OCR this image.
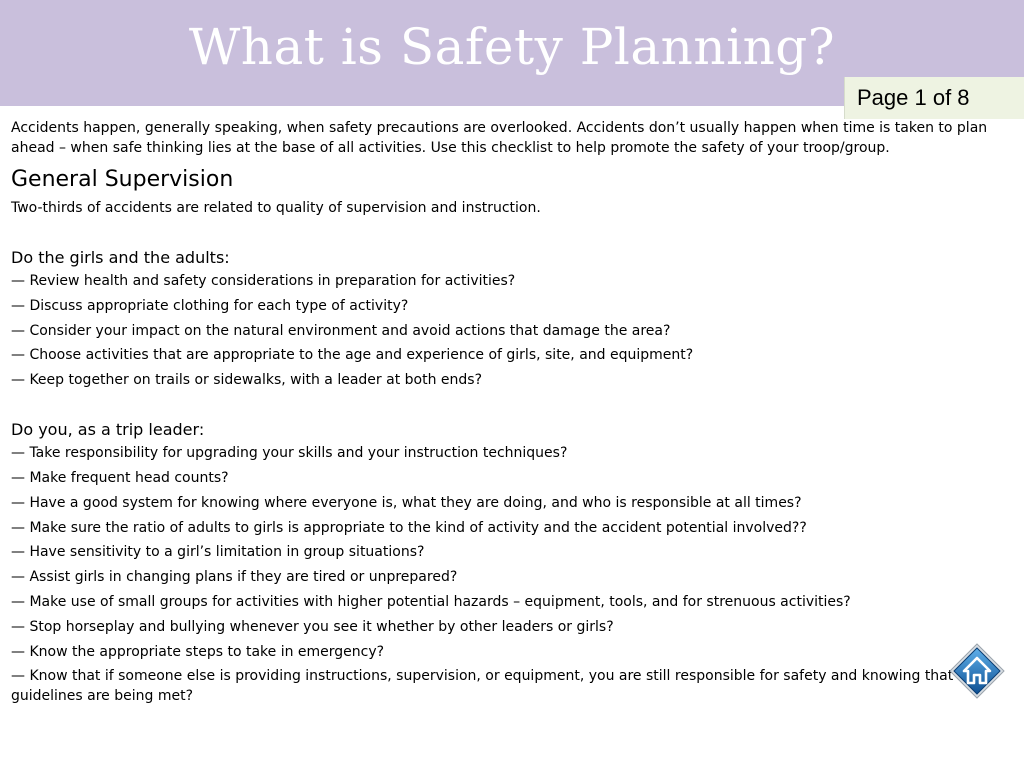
What is Safety Planning?
Page 1 of 8

Accidents happen, generally speaking, when safety precautions are overlooked. Accidents don’t usually happen when time is taken to plan ahead – when safe thinking lies at the base of all activities. Use this checklist to help promote the safety of your troop/group.

General Supervision
Two-thirds of accidents are related to quality of supervision and instruction.
Do the girls and the adults:
— Review health and safety considerations in preparation for activities?
— Discuss appropriate clothing for each type of activity?
— Consider your impact on the natural environment and avoid actions that damage the area?
— Choose activities that are appropriate to the age and experience of girls, site, and equipment?
— Keep together on trails or sidewalks, with a leader at both ends?
Do you, as a trip leader:
— Take responsibility for upgrading your skills and your instruction techniques?
— Make frequent head counts?
— Have a good system for knowing where everyone is, what they are doing, and who is responsible at all times?
— Make sure the ratio of adults to girls is appropriate to the kind of activity and the accident potential involved??
— Have sensitivity to a girl’s limitation in group situations?
— Assist girls in changing plans if they are tired or unprepared?
— Make use of small groups for activities with higher potential hazards – equipment, tools, and for strenuous activities?
— Stop horseplay and bullying whenever you see it whether by other leaders or girls?
— Know the appropriate steps to take in emergency?
— Know that if someone else is providing instructions, supervision, or equipment, you are still responsible for safety and knowing that guidelines are being met?
